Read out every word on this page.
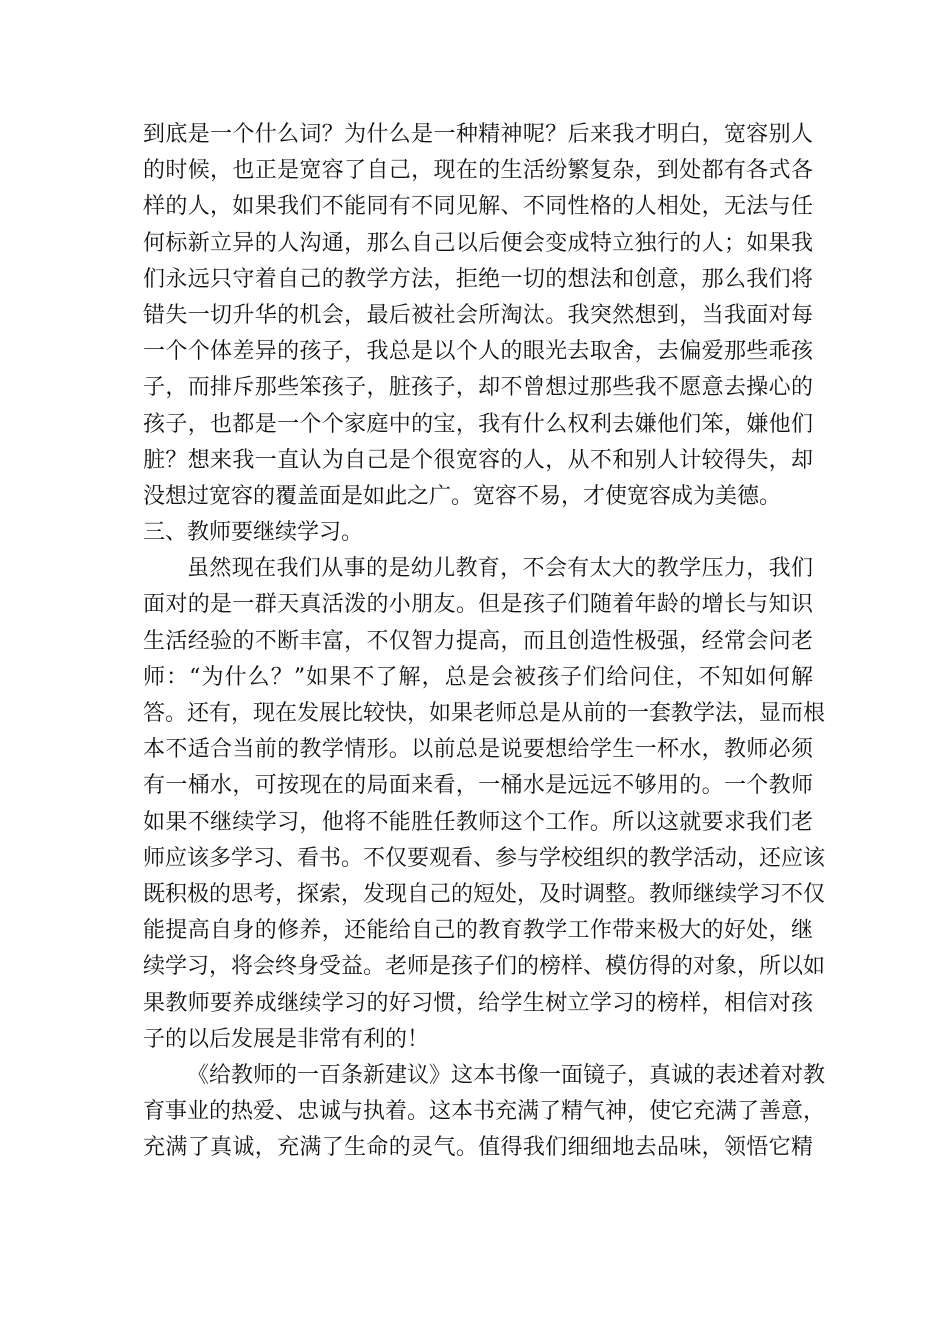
到底是一个什么词？为什么是一种精神呢？后来我才明白，宽容别人
的时候，也正是宽容了自己，现在的生活纷繁复杂，到处都有各式各
样的人，如果我们不能同有不同见解、不同性格的人相处，无法与任
何标新立异的人沟通，那么自己以后便会变成特立独行的人；如果我
们永远只守着自己的教学方法，拒绝一切的想法和创意，那么我们将
错失一切升华的机会，最后被社会所淘汰。我突然想到，当我面对每
一个个体差异的孩子，我总是以个人的眼光去取舍，去偏爱那些乖孩
子，而排斥那些笨孩子，脏孩子，却不曾想过那些我不愿意去操心的
孩子，也都是一个个家庭中的宝，我有什么权利去嫌他们笨，嫌他们
脏？想来我一直认为自己是个很宽容的人，从不和别人计较得失，却
没想过宽容的覆盖面是如此之广。宽容不易，才使宽容成为美德。
三、教师要继续学习。
虽然现在我们从事的是幼儿教育，不会有太大的教学压力，我们
面对的是一群天真活泼的小朋友。但是孩子们随着年龄的增长与知识
生活经验的不断丰富，不仅智力提高，而且创造性极强，经常会问老
师：“为什么？”如果不了解，总是会被孩子们给问住，不知如何解
答。还有，现在发展比较快，如果老师总是从前的一套教学法，显而根
本不适合当前的教学情形。以前总是说要想给学生一杯水，教师必须
有一桶水，可按现在的局面来看，一桶水是远远不够用的。一个教师
如果不继续学习，他将不能胜任教师这个工作。所以这就要求我们老
师应该多学习、看书。不仅要观看、参与学校组织的教学活动，还应该
既积极的思考，探索，发现自己的短处，及时调整。教师继续学习不仅
能提高自身的修养，还能给自己的教育教学工作带来极大的好处，继
续学习，将会终身受益。老师是孩子们的榜样、模仿得的对象，所以如
果教师要养成继续学习的好习惯，给学生树立学习的榜样，相信对孩
子的以后发展是非常有利的！
《给教师的一百条新建议》这本书像一面镜子，真诚的表述着对教
育事业的热爱、忠诚与执着。这本书充满了精气神，使它充满了善意，
充满了真诚，充满了生命的灵气。值得我们细细地去品味，领悟它精
